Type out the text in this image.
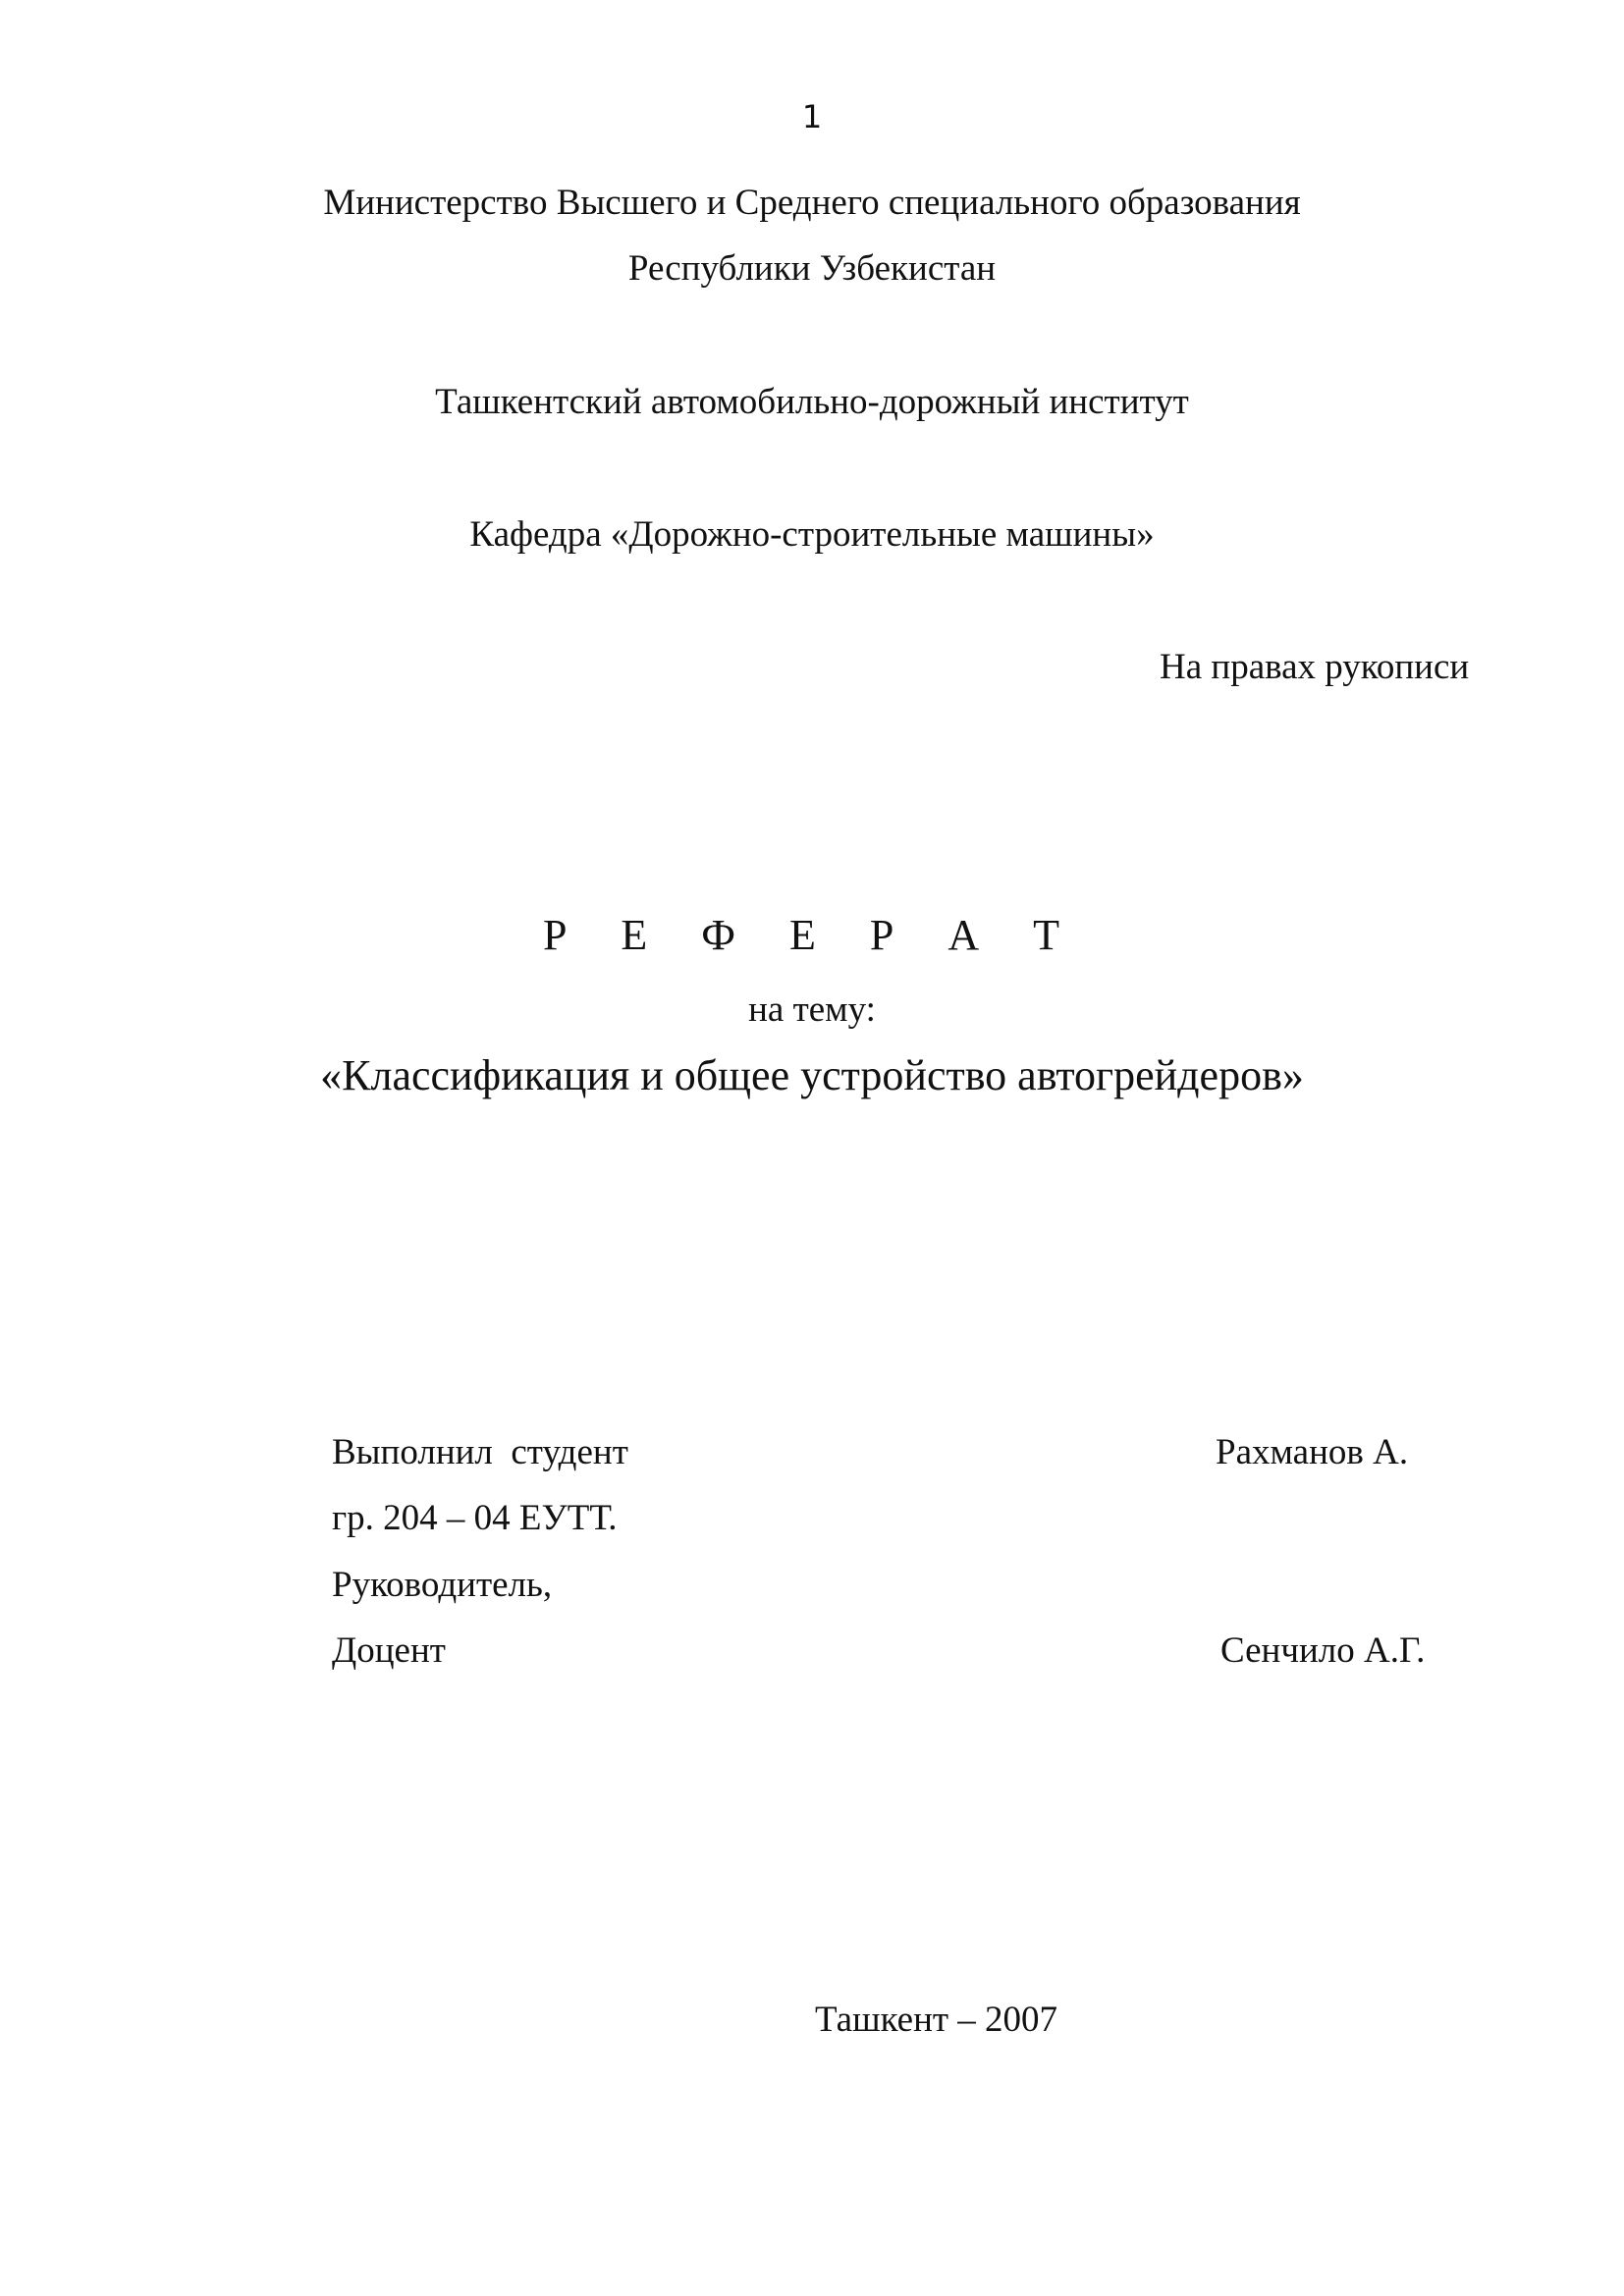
1
Министерство Высшего и Среднего специального образования
Республики Узбекистан
Ташкентский автомобильно-дорожный институт
Кафедра «Дорожно-строительные машины»
На правах рукописи
Р Е Ф Е Р А Т
на тему:
«Классификация и общее устройство автогрейдеров»
Выполнил  студент	Рахманов А.
гр. 204 – 04 ЕУТТ.
Руководитель,
Доцент	Сенчило А.Г.
Ташкент – 2007
